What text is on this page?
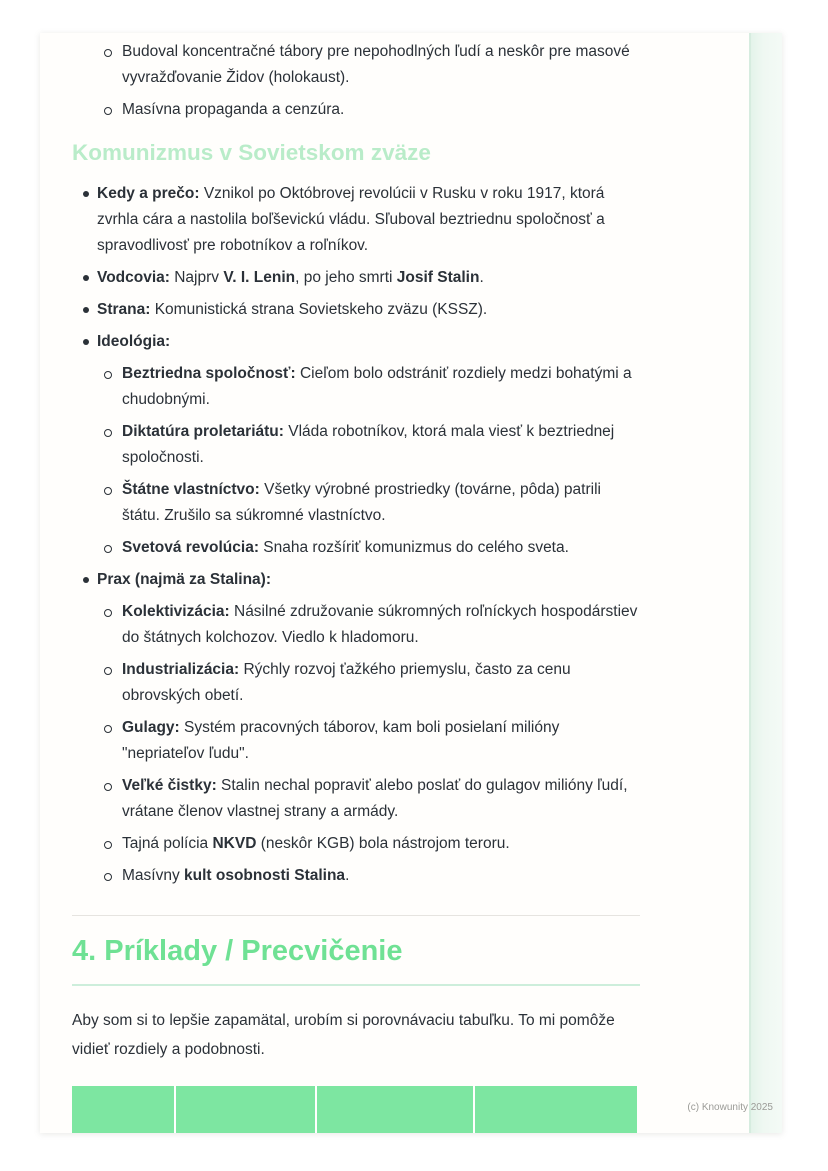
Budoval koncentračné tábory pre nepohodlných ľudí a neskôr pre masové vyvražďovanie Židov (holokaust).
Masívna propaganda a cenzúra.
Komunizmus v Sovietskom zväze
Kedy a prečo: Vznikol po Októbrovej revolúcii v Rusku v roku 1917, ktorá zvrhla cára a nastolila boľševickú vládu. Sľuboval beztriednu spoločnosť a spravodlivosť pre robotníkov a roľníkov.
Vodcovia: Najprv V. I. Lenin, po jeho smrti Josif Stalin.
Strana: Komunistická strana Sovietskeho zväzu (KSSZ).
Ideológia:
Beztriedna spoločnosť: Cieľom bolo odstrániť rozdiely medzi bohatými a chudobnými.
Diktatúra proletariátu: Vláda robotníkov, ktorá mala viesť k beztriednej spoločnosti.
Štátne vlastníctvo: Všetky výrobné prostriedky (továrne, pôda) patrili štátu. Zrušilo sa súkromné vlastníctvo.
Svetová revolúcia: Snaha rozšíriť komunizmus do celého sveta.
Prax (najmä za Stalina):
Kolektivizácia: Násilné združovanie súkromných roľníckych hospodárstiev do štátnych kolchozov. Viedlo k hladomoru.
Industrializácia: Rýchly rozvoj ťažkého priemyslu, často za cenu obrovských obetí.
Gulagy: Systém pracovných táborov, kam boli posielaní milióny "nepriateľov ľudu".
Veľké čistky: Stalin nechal popraviť alebo poslať do gulagov milióny ľudí, vrátane členov vlastnej strany a armády.
Tajná polícia NKVD (neskôr KGB) bola nástrojom teroru.
Masívny kult osobnosti Stalina.
4. Príklady / Precvičenie

Aby som si to lepšie zapamätal, urobím si porovnávaciu tabuľku. To mi pomôže vidieť rozdiely a podobnosti.

(c) Knowunity 2025
